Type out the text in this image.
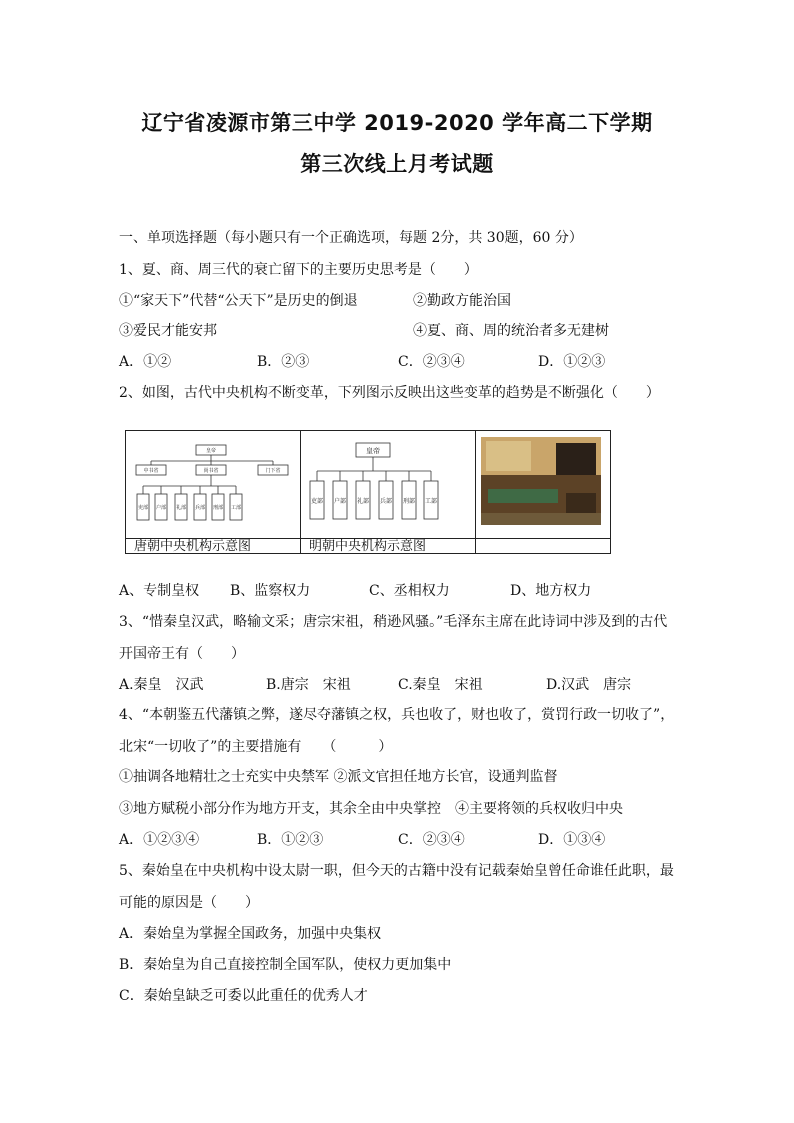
辽宁省凌源市第三中学 2019-2020 学年高二下学期
第三次线上月考试题
一、单项选择题（每小题只有一个正确选项，每题 2分，共 30题，60 分）
1、夏、商、周三代的衰亡留下的主要历史思考是（　　）
①“家天下”代替“公天下”是历史的倒退	②勤政方能治国
③爱民才能安邦	④夏、商、周的统治者多无建树
A．①②	B．②③	C．②③④	D．①②③
2、如图，古代中央机构不断变革，下列图示反映出这些变革的趋势是不断强化（　　）
皇帝
中书省	尚书省	门下省
吏部 户部 礼部 兵部 刑部 工部
皇帝
吏部 户部 礼部 兵部 刑部 工部
唐朝中央机构示意图	明朝中央机构示意图
A、专制皇权 B、监察权力	C、丞相权力	D、地方权力
3、“惜秦皇汉武，略输文采；唐宗宋祖，稍逊风骚。”毛泽东主席在此诗词中涉及到的古代
开国帝王有（　　）
A.秦皇　汉武	B.唐宗　宋祖	C.秦皇　宋祖	D.汉武　唐宗
4、“本朝鉴五代藩镇之弊，遂尽夺藩镇之权，兵也收了，财也收了，赏罚行政一切收了”，
北宋“一切收了”的主要措施有　　（　　　）
①抽调各地精壮之士充实中央禁军 ②派文官担任地方长官，设通判监督
③地方赋税小部分作为地方开支，其余全由中央掌控　④主要将领的兵权收归中央
A．①②③④	B．①②③	C．②③④	D．①③④
5、秦始皇在中央机构中设太尉一职，但今天的古籍中没有记载秦始皇曾任命谁任此职，最
可能的原因是（　　）
A．秦始皇为掌握全国政务，加强中央集权
B．秦始皇为自己直接控制全国军队，使权力更加集中
C．秦始皇缺乏可委以此重任的优秀人才
